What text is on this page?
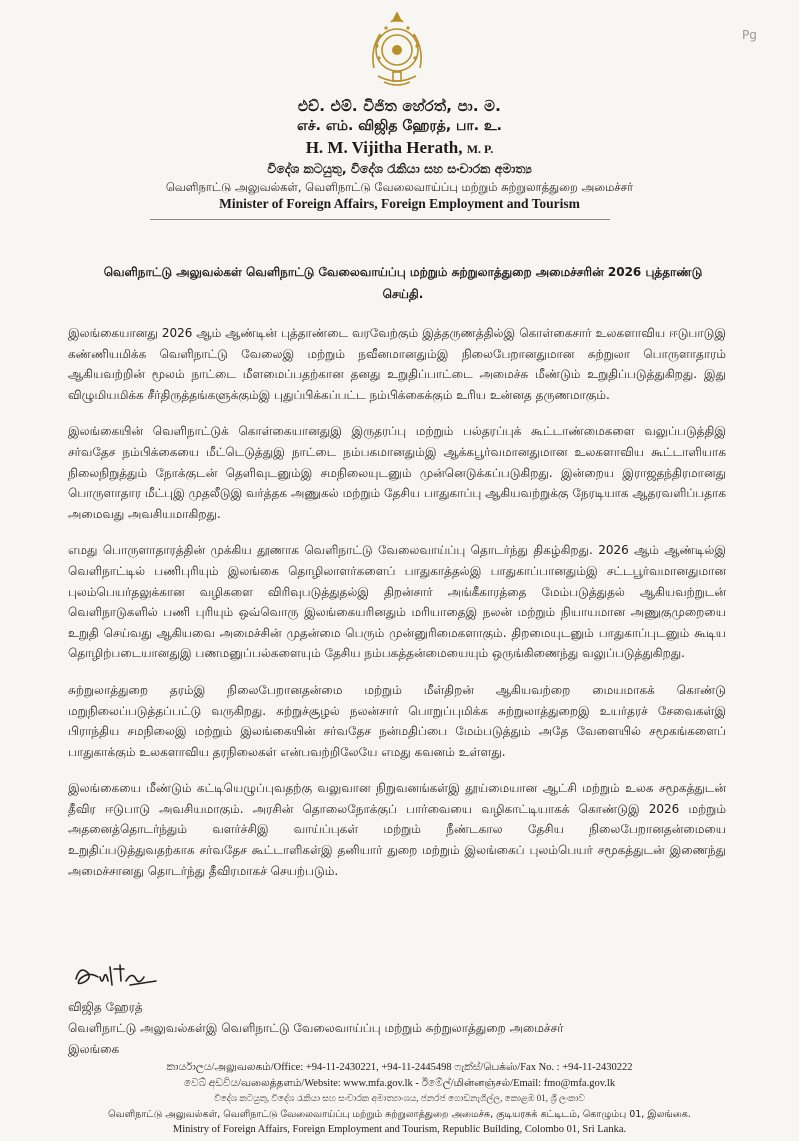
Pg
එච්. එම්. විජිත හේරත්, පා. ම.
எச். எம். விஜித ஹேரத், பா. உ.
H. M. Vijitha Herath, M. P.
විදේශ කටයුතු, විදේශ රැකියා සහ සංචාරක අමාත්‍ය
வெளிநாட்டு அலுவல்கள், வெளிநாட்டு வேலைவாய்ப்பு மற்றும் சுற்றுலாத்துறை அமைச்சர்
Minister of Foreign Affairs, Foreign Employment and Tourism
வெளிநாட்டு அலுவல்கள்‍ வெளிநாட்டு வேலைவாய்ப்பு மற்றும் சுற்றுலாத்துறை அமைச்சரின் 2026 புத்தாண்டு செய்தி.

இலங்கையானது 2026 ஆம் ஆண்டின் புத்தாண்டை வரவேற்கும் இத்தருணத்தில்இ கொள்கைசார் உலகளாவிய ஈடுபாடுஇ கண்ணியமிக்க வெளிநாட்டு வேலைஇ மற்றும் நவீனமானதும்இ நிலைபேறானதுமான சுற்றுலா பொருளாதாரம் ஆகியவற்றின் மூலம் நாட்டை மீளமைப்பதற்கான தனது உறுதிப்பாட்டை அமைச்சு மீண்டும் உறுதிப்படுத்துகிறது. இது விழுமியமிக்க சீர்திருத்தங்களுக்கும்இ புதுப்பிக்கப்பட்ட நம்பிக்கைக்கும் உரிய உன்னத தருணமாகும்.

இலங்கையின் வெளிநாட்டுக் கொள்கையானதுஇ இருதரப்பு மற்றும் பல்தரப்புக் கூட்டாண்மைகளை வலுப்படுத்திஇ சர்வதேச நம்பிக்கையை மீட்டெடுத்துஇ நாட்டை நம்பகமானதும்இ ஆக்கபூர்வமானதுமான உலகளாவிய கூட்டாளியாக நிலைநிறுத்தும் நோக்குடன் தெளிவுடனும்இ சமநிலையுடனும் முன்னெடுக்கப்படுகிறது. இன்றைய இராஜதந்திரமானது பொருளாதார மீட்புஇ முதலீடுஇ வர்த்தக அணுகல் மற்றும் தேசிய பாதுகாப்பு ஆகியவற்றுக்கு நேரடியாக ஆதரவளிப்பதாக அமைவது அவசியமாகிறது.

எமது பொருளாதாரத்தின் முக்கிய தூணாக வெளிநாட்டு வேலைவாய்ப்பு தொடர்ந்து திகழ்கிறது. 2026 ஆம் ஆண்டில்இ வெளிநாட்டில் பணிபுரியும் இலங்கை தொழிலாளர்களைப் பாதுகாத்தல்இ பாதுகாப்பானதும்இ சட்டபூர்வமானதுமான புலம்பெயர்தலுக்கான வழிகளை விரிவுபடுத்துதல்இ திறன்சார் அங்கீகாரத்தை மேம்படுத்துதல் ஆகியவற்றுடன் வெளிநாடுகளில் பணி புரியும் ஒவ்வொரு இலங்கையரினதும் மரியாதைஇ நலன் மற்றும் நியாயமான அணுகுமுறையை உறுதி செய்வது ஆகியவை அமைச்சின் முதன்மை பெரும் முன்னுரிமைகளாகும். திறமையுடனும் பாதுகாப்புடனும் கூடிய தொழிற்படையானதுஇ பணமனுப்பல்களையும் தேசிய நம்பகத்தன்மையையும் ஒருங்கிணைந்து வலுப்படுத்துகிறது.

சுற்றுலாத்துறை தரம்இ நிலைபேறானதன்மை மற்றும் மீள்திறன் ஆகியவற்றை மையமாகக் கொண்டு மறுநிலைப்படுத்தப்பட்டு வருகிறது. சுற்றுச்சூழல் நலன்சார் பொறுப்புமிக்க சுற்றுலாத்துறைஇ உயர்தரச் சேவைகள்இ பிராந்திய சமநிலைஇ மற்றும் இலங்கையின் சர்வதேச நன்மதிப்பை மேம்படுத்தும் அதே வேளையில் சமூகங்களைப் பாதுகாக்கும் உலகளாவிய தரநிலைகள் என்பவற்றிலேயே எமது கவனம் உள்ளது.

இலங்கையை மீண்டும் கட்டியெழுப்புவதற்கு வலுவான நிறுவனங்கள்இ தூய்மையான ஆட்சி மற்றும் உலக சமூகத்துடன் தீவிர ஈடுபாடு அவசியமாகும். அரசின் தொலைநோக்குப் பார்வையை வழிகாட்டியாகக் கொண்டுஇ 2026 மற்றும் அதனைத்தொடர்ந்தும் வளர்ச்சிஇ வாய்ப்புகள் மற்றும் நீண்டகால தேசிய நிலைபேறானதன்மையை உறுதிப்படுத்துவதற்காக சர்வதேச கூட்டாளிகள்இ தனியார் துறை மற்றும் இலங்கைப் புலம்பெயர் சமூகத்துடன் இணைந்து அமைச்சானது தொடர்ந்து தீவிரமாகச் செயற்படும்.

விஜித ஹேரத்
வெளிநாட்டு அலுவல்கள்இ வெளிநாட்டு வேலைவாய்ப்பு மற்றும் சுற்றுலாத்துறை அமைச்சர்
இலங்கை
කාර්යාලය/அலுவலகம்/Office: +94-11-2430221, +94-11-2445498 ෆැක්ස්/பெக்ஸ்/Fax No. : +94-11-2430222
වෙබ් අඩවිය/வலைத்தளம்/Website: www.mfa.gov.lk - ඊමේල්/மின்னஞ்சல்/Email: fmo@mfa.gov.lk
විදේශ කටයුතු, විදේශ රැකියා සහ සංචාරක අමාත්‍යාංශය, ජනරජ ගොඩනැගිල්ල, කොළඹ 01, ශ්‍රී ලංකාව
வெளிநாட்டு அலுவல்கள், வெளிநாட்டு வேலைவாய்ப்பு மற்றும் சுற்றுலாத்துறை அமைச்சு, குடியரசுக் கட்டிடம், கொழும்பு 01, இலங்கை.
Ministry of Foreign Affairs, Foreign Employment and Tourism, Republic Building, Colombo 01, Sri Lanka.
